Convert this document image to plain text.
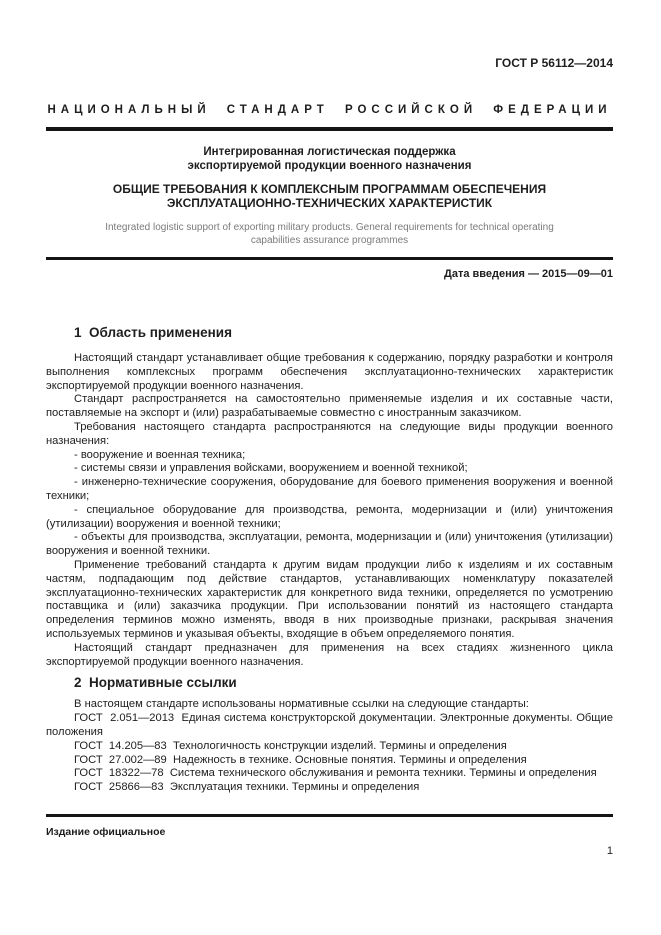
ГОСТ Р 56112—2014
НАЦИОНАЛЬНЫЙ СТАНДАРТ РОССИЙСКОЙ ФЕДЕРАЦИИ
Интегрированная логистическая поддержка
экспортируемой продукции военного назначения
ОБЩИЕ ТРЕБОВАНИЯ К КОМПЛЕКСНЫМ ПРОГРАММАМ ОБЕСПЕЧЕНИЯ
ЭКСПЛУАТАЦИОННО-ТЕХНИЧЕСКИХ ХАРАКТЕРИСТИК
Integrated logistic support of exporting military products. General requirements for technical operating capabilities assurance programmes
Дата введения — 2015—09—01
1  Область применения

Настоящий стандарт устанавливает общие требования к содержанию, порядку разработки и контроля выполнения комплексных программ обеспечения эксплуатационно-технических характеристик экспортируемой продукции военного назначения.

Стандарт распространяется на самостоятельно применяемые изделия и их составные части, поставляемые на экспорт и (или) разрабатываемые совместно с иностранным заказчиком.

Требования настоящего стандарта распространяются на следующие виды продукции военного назначения:

- вооружение и военная техника;

- системы связи и управления войсками, вооружением и военной техникой;

- инженерно-технические сооружения, оборудование для боевого применения вооружения и военной техники;

- специальное оборудование для производства, ремонта, модернизации и (или) уничтожения (утилизации) вооружения и военной техники;

- объекты для производства, эксплуатации, ремонта, модернизации и (или) уничтожения (утилизации) вооружения и военной техники.

Применение требований стандарта к другим видам продукции либо к изделиям и их составным частям, подпадающим под действие стандартов, устанавливающих номенклатуру показателей эксплуатационно-технических характеристик для конкретного вида техники, определяется по усмотрению поставщика и (или) заказчика продукции. При использовании понятий из настоящего стандарта определения терминов можно изменять, вводя в них производные признаки, раскрывая значения используемых терминов и указывая объекты, входящие в объем определяемого понятия.

Настоящий стандарт предназначен для применения на всех стадиях жизненного цикла экспортируемой продукции военного назначения.

2  Нормативные ссылки

В настоящем стандарте использованы нормативные ссылки на следующие стандарты:

ГОСТ  2.051—2013  Единая система конструкторской документации. Электронные документы. Общие положения

ГОСТ  14.205—83  Технологичность конструкции изделий. Термины и определения

ГОСТ  27.002—89  Надежность в технике. Основные понятия. Термины и определения

ГОСТ  18322—78  Система технического обслуживания и ремонта техники. Термины и определения

ГОСТ  25866—83  Эксплуатация техники. Термины и определения

Издание официальное
1
